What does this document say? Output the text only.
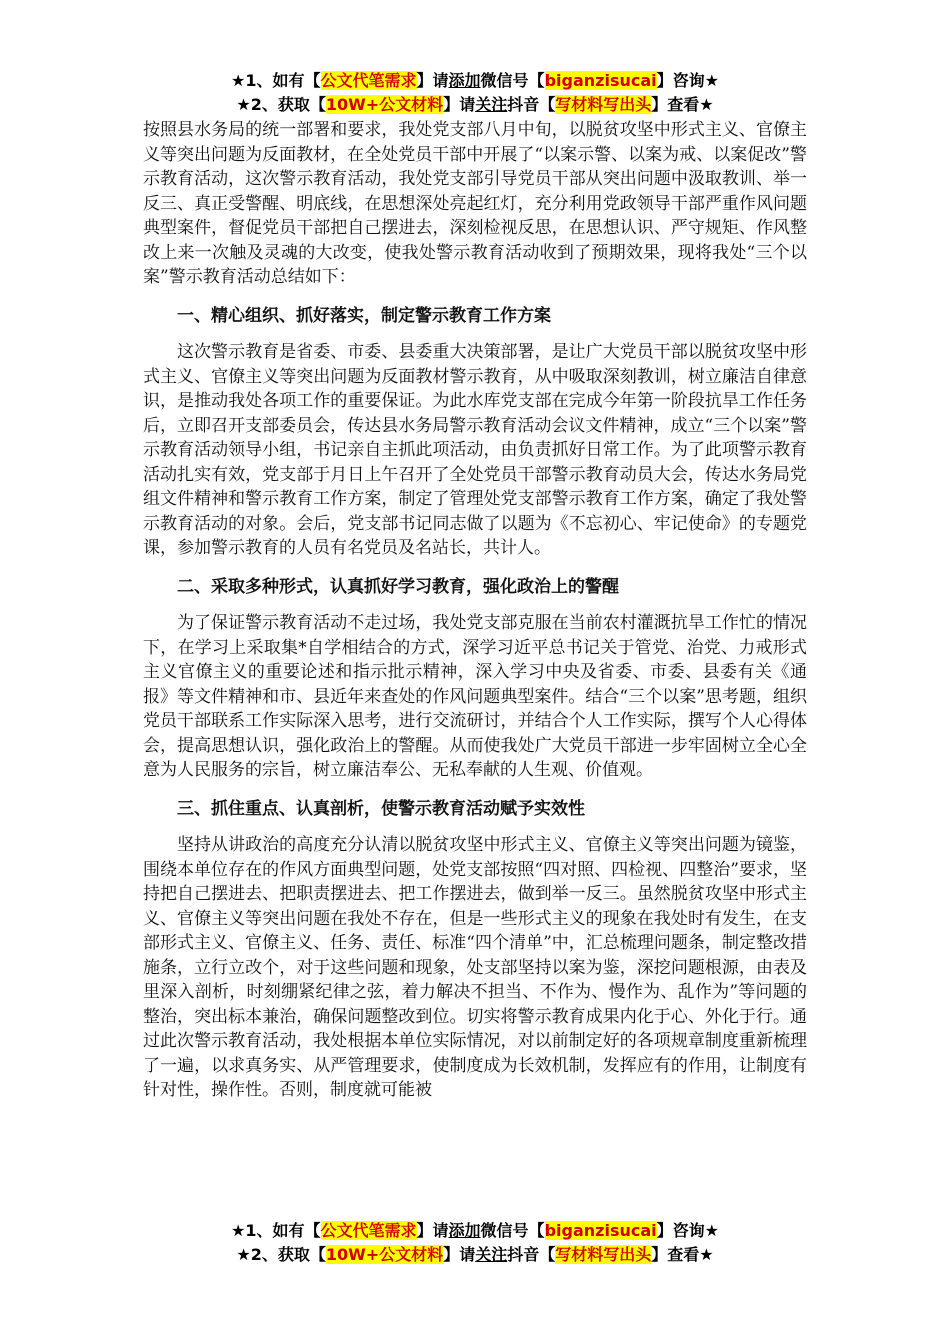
★1、如有【公文代笔需求】请添加微信号【biganzisucai】咨询★
★2、获取【10W+公文材料】请关注抖音【写材料写出头】查看★

按照县水务局的统一部署和要求，我处党支部八月中旬，以脱贫攻坚中形式主义、官僚主义等突出问题为反面教材，在全处党员干部中开展了“以案示警、以案为戒、以案促改”警示教育活动，这次警示教育活动，我处党支部引导党员干部从突出问题中汲取教训、举一反三、真正受警醒、明底线，在思想深处亮起红灯，充分利用党政领导干部严重作风问题典型案件，督促党员干部把自己摆进去，深刻检视反思，在思想认识、严守规矩、作风整改上来一次触及灵魂的大改变，使我处警示教育活动收到了预期效果，现将我处“三个以案”警示教育活动总结如下：

一、精心组织、抓好落实，制定警示教育工作方案

这次警示教育是省委、市委、县委重大决策部署，是让广大党员干部以脱贫攻坚中形式主义、官僚主义等突出问题为反面教材警示教育，从中吸取深刻教训，树立廉洁自律意识，是推动我处各项工作的重要保证。为此水库党支部在完成今年第一阶段抗旱工作任务后，立即召开支部委员会，传达县水务局警示教育活动会议文件精神，成立“三个以案”警示教育活动领导小组，书记亲自主抓此项活动，由负责抓好日常工作。为了此项警示教育活动扎实有效，党支部于月日上午召开了全处党员干部警示教育动员大会，传达水务局党组文件精神和警示教育工作方案，制定了管理处党支部警示教育工作方案，确定了我处警示教育活动的对象。会后，党支部书记同志做了以题为《不忘初心、牢记使命》的专题党课，参加警示教育的人员有名党员及名站长，共计人。

二、采取多种形式，认真抓好学习教育，强化政治上的警醒

为了保证警示教育活动不走过场，我处党支部克服在当前农村灌溉抗旱工作忙的情况下，在学习上采取集*自学相结合的方式，深学习近平总书记关于管党、治党、力戒形式主义官僚主义的重要论述和指示批示精神，深入学习中央及省委、市委、县委有关《通报》等文件精神和市、县近年来查处的作风问题典型案件。结合“三个以案”思考题，组织党员干部联系工作实际深入思考，进行交流研讨，并结合个人工作实际，撰写个人心得体会，提高思想认识，强化政治上的警醒。从而使我处广大党员干部进一步牢固树立全心全意为人民服务的宗旨，树立廉洁奉公、无私奉献的人生观、价值观。

三、抓住重点、认真剖析，使警示教育活动赋予实效性

坚持从讲政治的高度充分认清以脱贫攻坚中形式主义、官僚主义等突出问题为镜鉴，围绕本单位存在的作风方面典型问题，处党支部按照“四对照、四检视、四整治”要求，坚持把自己摆进去、把职责摆进去、把工作摆进去，做到举一反三。虽然脱贫攻坚中形式主义、官僚主义等突出问题在我处不存在，但是一些形式主义的现象在我处时有发生，在支部形式主义、官僚主义、任务、责任、标准“四个清单”中，汇总梳理问题条，制定整改措施条，立行立改个，对于这些问题和现象，处支部坚持以案为鉴，深挖问题根源，由表及里深入剖析，时刻绷紧纪律之弦，着力解决不担当、不作为、慢作为、乱作为”等问题的整治，突出标本兼治，确保问题整改到位。切实将警示教育成果内化于心、外化于行。通过此次警示教育活动，我处根据本单位实际情况，对以前制定好的各项规章制度重新梳理了一遍，以求真务实、从严管理要求，使制度成为长效机制，发挥应有的作用，让制度有针对性，操作性。否则，制度就可能被

★1、如有【公文代笔需求】请添加微信号【biganzisucai】咨询★
★2、获取【10W+公文材料】请关注抖音【写材料写出头】查看★
